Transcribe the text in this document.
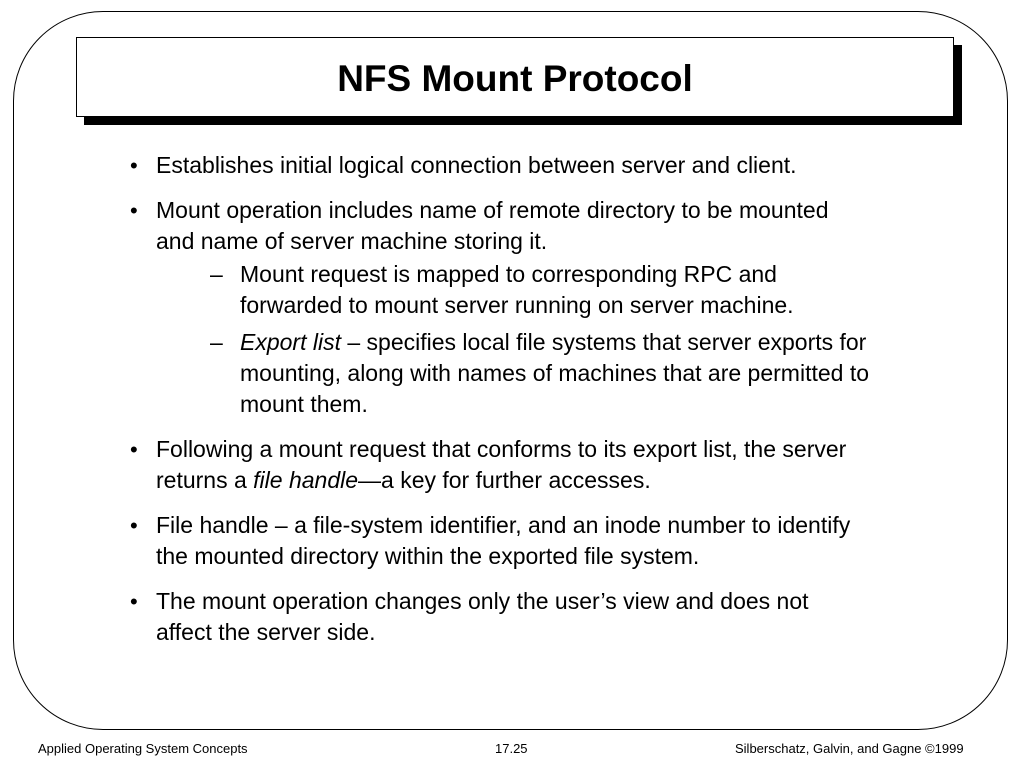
NFS Mount Protocol
• Establishes initial logical connection between server and client.
• Mount operation includes name of remote directory to be mounted and name of server machine storing it.
– Mount request is mapped to corresponding RPC and forwarded to mount server running on server machine.
– Export list – specifies local file systems that server exports for mounting, along with names of machines that are permitted to mount them.
• Following a mount request that conforms to its export list, the server returns a file handle—a key for further accesses.
• File handle – a file-system identifier, and an inode number to identify the mounted directory within the exported file system.
• The mount operation changes only the user’s view and does not affect the server side.
Applied Operating System Concepts	17.25	Silberschatz, Galvin, and Gagne ©1999
